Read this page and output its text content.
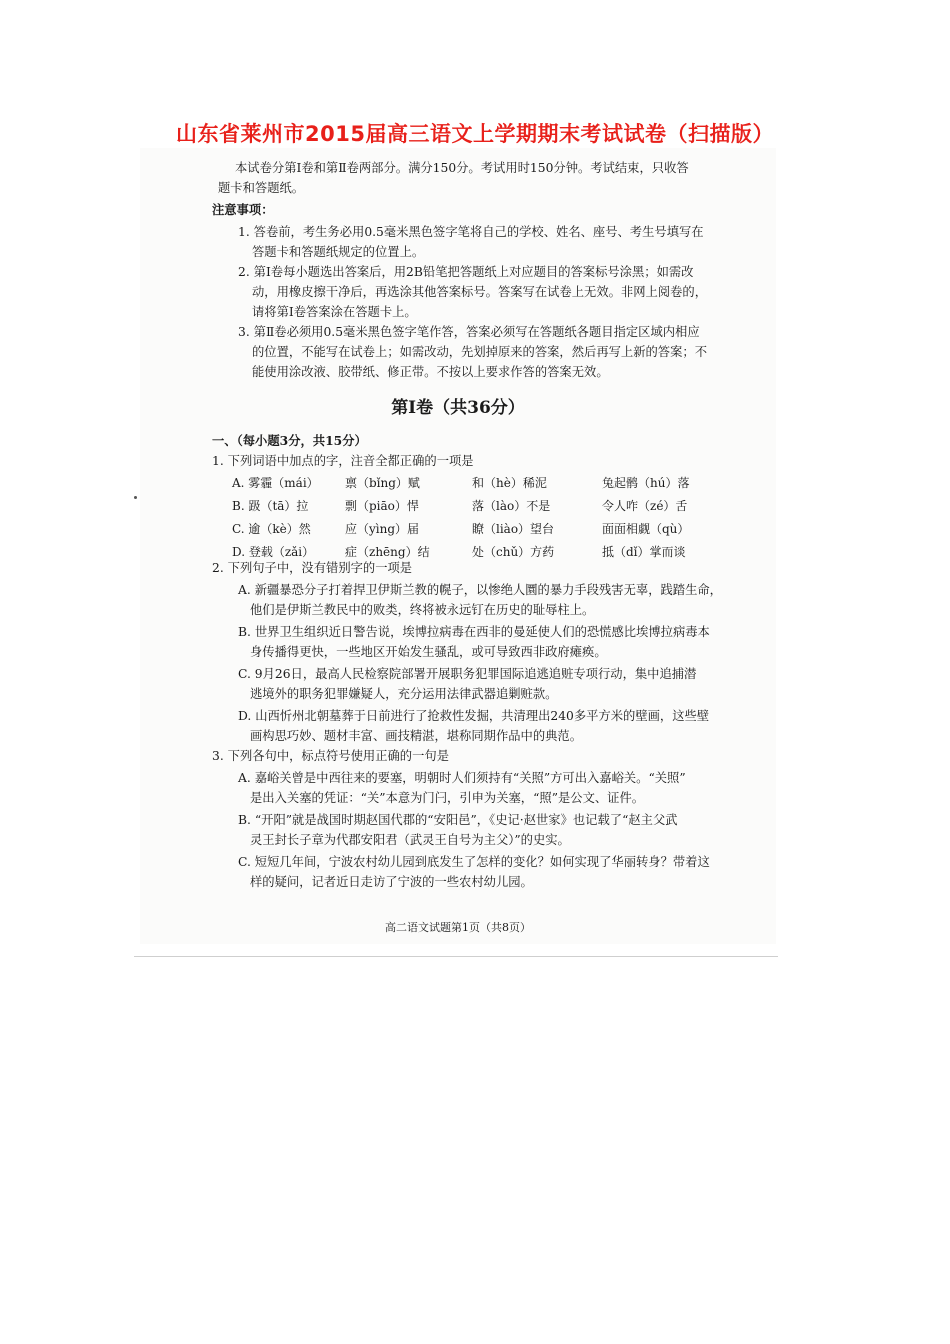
山东省莱州市2015届高三语文上学期期末考试试卷（扫描版）
本试卷分第Ⅰ卷和第Ⅱ卷两部分。满分150分。考试用时150分钟。考试结束，只收答
题卡和答题纸。
注意事项：
1. 答卷前，考生务必用0.5毫米黑色签字笔将自己的学校、姓名、座号、考生号填写在
答题卡和答题纸规定的位置上。
2. 第Ⅰ卷每小题选出答案后，用2B铅笔把答题纸上对应题目的答案标号涂黑；如需改
动，用橡皮擦干净后，再选涂其他答案标号。答案写在试卷上无效。非网上阅卷的，
请将第Ⅰ卷答案涂在答题卡上。
3. 第Ⅱ卷必须用0.5毫米黑色签字笔作答，答案必须写在答题纸各题目指定区域内相应
的位置，不能写在试卷上；如需改动，先划掉原来的答案，然后再写上新的答案；不
能使用涂改液、胶带纸、修正带。不按以上要求作答的答案无效。
第Ⅰ卷（共36分）
一、（每小题3分，共15分）
1. 下列词语中加点的字，注音全都正确的一项是
A. 雾霾（mái） 禀（bǐng）赋	和（hè）稀泥	兔起鹘（hú）落
B. 趿（tā）拉	剽（piāo）悍	落（lào）不是	令人咋（zé）舌
C. 逾（kè）然	应（yìng）届	瞭（liào）望台	面面相觑（qù）
D. 登载（zǎi）	症（zhēng）结	处（chǔ）方药	抵（dǐ）掌而谈
2. 下列句子中，没有错别字的一项是
A. 新疆暴恐分子打着捍卫伊斯兰教的幌子，以惨绝人圜的暴力手段残害无辜，践踏生命，
他们是伊斯兰教民中的败类，终将被永远钉在历史的耻辱柱上。
B. 世界卫生组织近日警告说，埃博拉病毒在西非的曼延使人们的恐慌感比埃博拉病毒本
身传播得更快，一些地区开始发生骚乱，或可导致西非政府瘫痪。
C. 9月26日，最高人民检察院部署开展职务犯罪国际追逃追赃专项行动，集中追捕潜
逃境外的职务犯罪嫌疑人，充分运用法律武器追剿赃款。
D. 山西忻州北朝墓葬于日前进行了抢救性发掘，共清理出240多平方米的壁画，这些壁
画构思巧妙、题材丰富、画技精湛，堪称同期作品中的典范。
3. 下列各句中，标点符号使用正确的一句是
A. 嘉峪关曾是中西往来的要塞，明朝时人们须持有“关照”方可出入嘉峪关。“关照”
是出入关塞的凭证：“关”本意为门闩，引申为关塞，“照”是公文、证件。
B. “开阳”就是战国时期赵国代郡的“安阳邑”，《史记·赵世家》也记载了“赵主父武
灵王封长子章为代郡安阳君（武灵王自号为主父）”的史实。
C. 短短几年间，宁波农村幼儿园到底发生了怎样的变化？如何实现了华丽转身？带着这
样的疑问，记者近日走访了宁波的一些农村幼儿园。
高二语文试题第1页（共8页）
